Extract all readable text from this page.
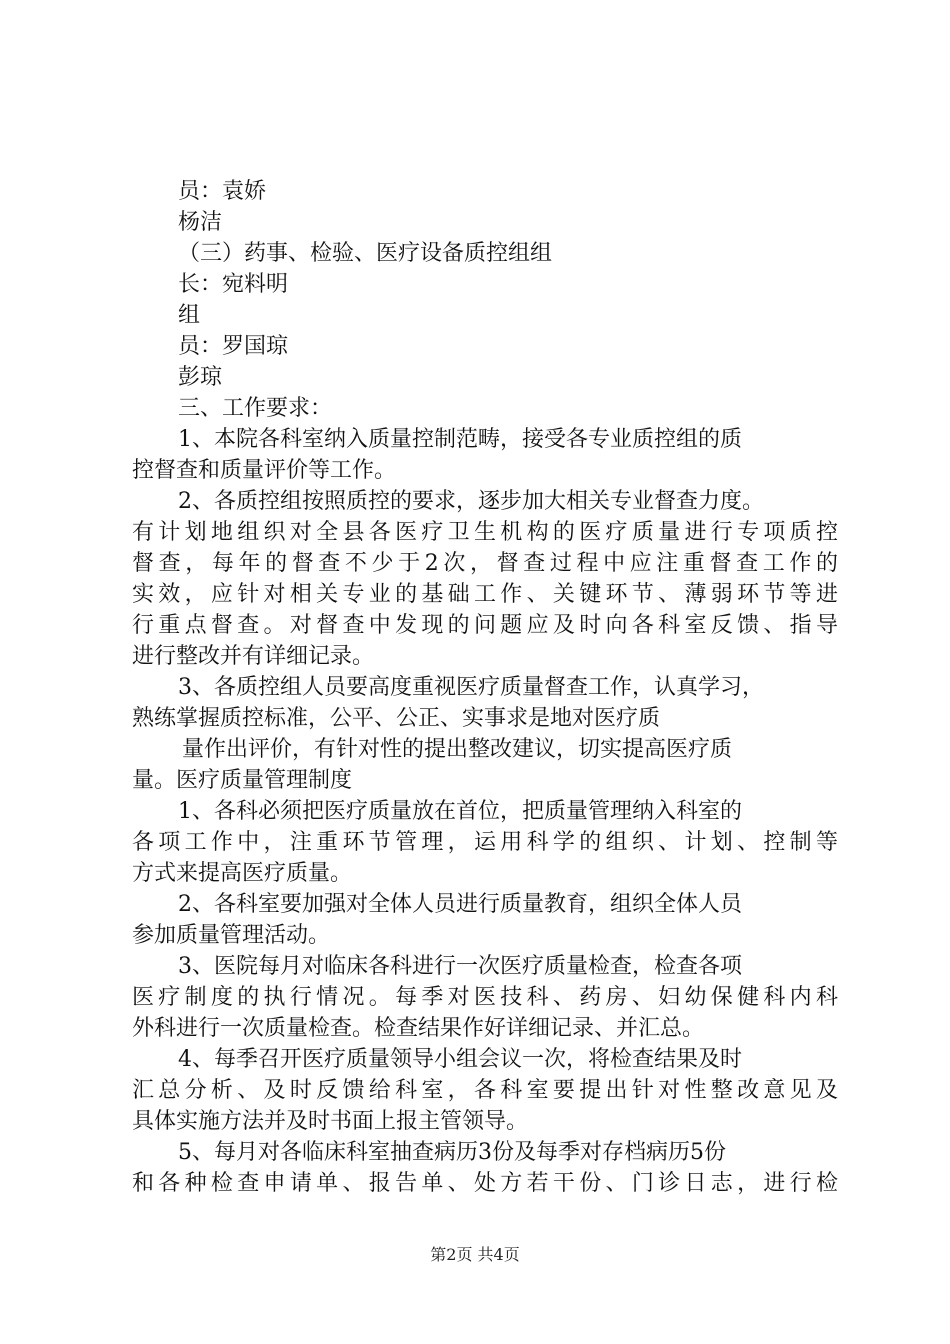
员：袁娇
杨洁
（三）药事、检验、医疗设备质控组组
长：宛料明
组
员：罗国琼
彭琼
三、工作要求：
1、本院各科室纳入质量控制范畴，接受各专业质控组的质
控督查和质量评价等工作。
2、各质控组按照质控的要求，逐步加大相关专业督查力度。
有计划地组织对全县各医疗卫生机构的医疗质量进行专项质控
督查，每年的督查不少于2次，督查过程中应注重督查工作的
实效，应针对相关专业的基础工作、关键环节、薄弱环节等进
行重点督查。对督查中发现的问题应及时向各科室反馈、指导
进行整改并有详细记录。
3、各质控组人员要高度重视医疗质量督查工作，认真学习，
熟练掌握质控标准，公平、公正、实事求是地对医疗质
量作出评价，有针对性的提出整改建议，切实提高医疗质
量。医疗质量管理制度
1、各科必须把医疗质量放在首位，把质量管理纳入科室的
各项工作中，注重环节管理，运用科学的组织、计划、控制等
方式来提高医疗质量。
2、各科室要加强对全体人员进行质量教育，组织全体人员
参加质量管理活动。
3、医院每月对临床各科进行一次医疗质量检查，检查各项
医疗制度的执行情况。每季对医技科、药房、妇幼保健科内科
外科进行一次质量检查。检查结果作好详细记录、并汇总。
4、每季召开医疗质量领导小组会议一次，将检查结果及时
汇总分析、及时反馈给科室，各科室要提出针对性整改意见及
具体实施方法并及时书面上报主管领导。
5、每月对各临床科室抽查病历3份及每季对存档病历5份
和各种检查申请单、报告单、处方若干份、门诊日志，进行检
第2页 共4页
